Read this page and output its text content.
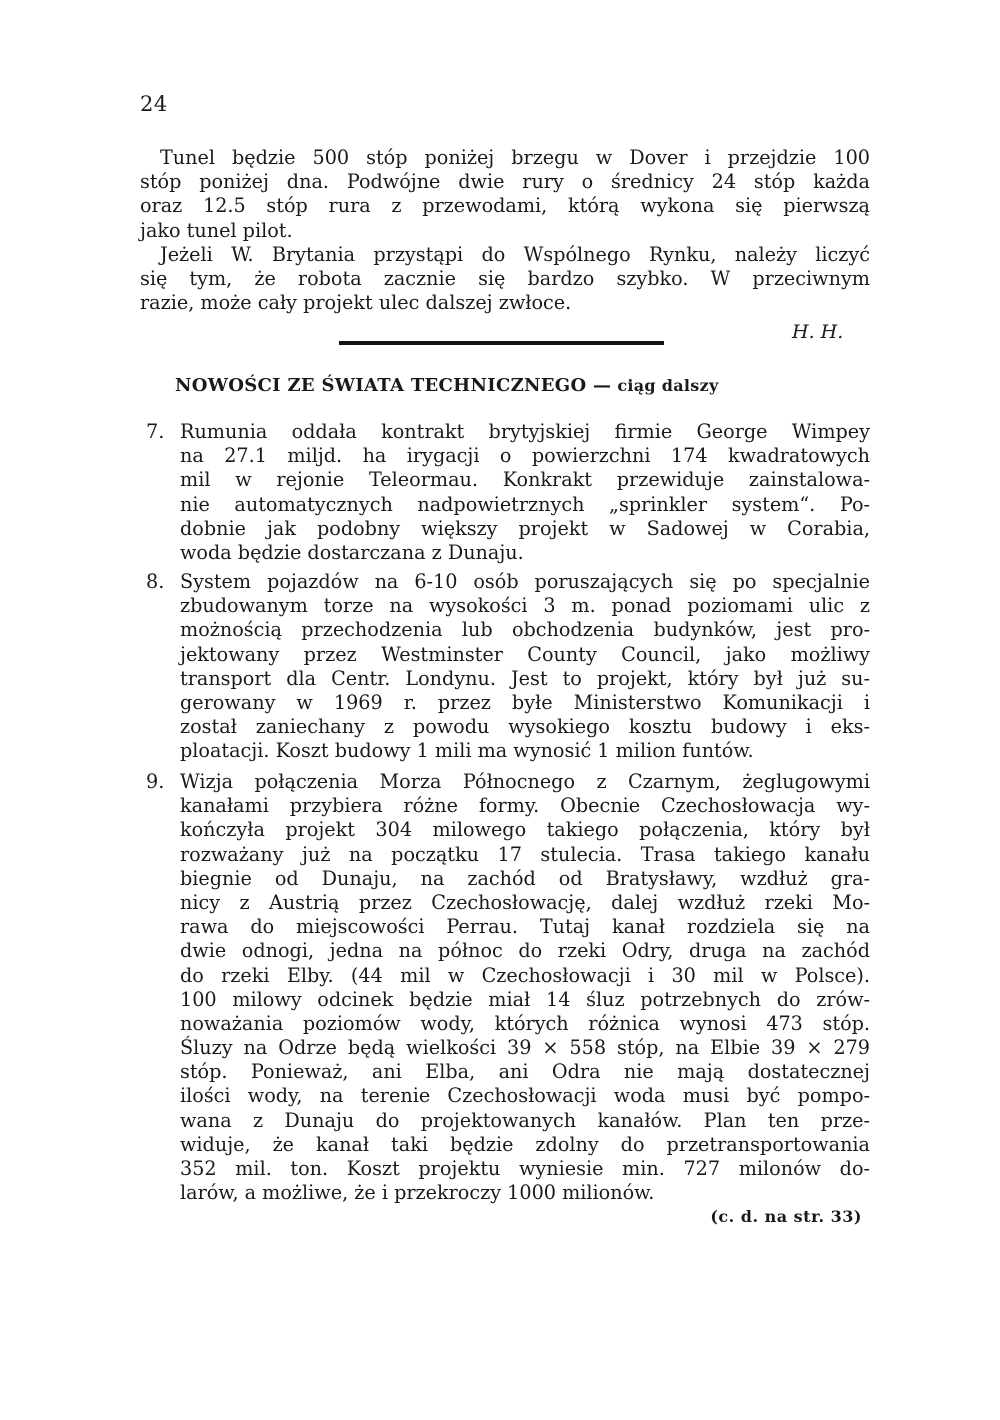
24
Tunel będzie 500 stóp poniżej brzegu w Dover i przejdzie 100
stóp poniżej dna. Podwójne dwie rury o średnicy 24 stóp każda
oraz 12.5 stóp rura z przewodami, którą wykona się pierwszą
jako tunel pilot.
Jeżeli W. Brytania przystąpi do Wspólnego Rynku, należy liczyć
się tym, że robota zacznie się bardzo szybko. W przeciwnym
razie, może cały projekt ulec dalszej zwłoce.
H. H.
NOWOŚCI ZE ŚWIATA TECHNICZNEGO — ciąg dalszy
7. Rumunia oddała kontrakt brytyjskiej firmie George Wimpey
na 27.1 miljd. ha irygacji o powierzchni 174 kwadratowych
mil w rejonie Teleormau. Konkrakt przewiduje zainstalowa-
nie automatycznych nadpowietrznych „sprinkler system“. Po-
dobnie jak podobny większy projekt w Sadowej w Corabia,
woda będzie dostarczana z Dunaju.
8. System pojazdów na 6-10 osób poruszających się po specjalnie
zbudowanym torze na wysokości 3 m. ponad poziomami ulic z
możnością przechodzenia lub obchodzenia budynków, jest pro-
jektowany przez Westminster County Council, jako możliwy
transport dla Centr. Londynu. Jest to projekt, który był już su-
gerowany w 1969 r. przez byłe Ministerstwo Komunikacji i
został zaniechany z powodu wysokiego kosztu budowy i eks-
ploatacji. Koszt budowy 1 mili ma wynosić 1 milion funtów.
9. Wizja połączenia Morza Północnego z Czarnym, żeglugowymi
kanałami przybiera różne formy. Obecnie Czechosłowacja wy-
kończyła projekt 304 milowego takiego połączenia, który był
rozważany już na początku 17 stulecia. Trasa takiego kanału
biegnie od Dunaju, na zachód od Bratysławy, wzdłuż gra-
nicy z Austrią przez Czechosłowację, dalej wzdłuż rzeki Mo-
rawa do miejscowości Perrau. Tutaj kanał rozdziela się na
dwie odnogi, jedna na północ do rzeki Odry, druga na zachód
do rzeki Elby. (44 mil w Czechosłowacji i 30 mil w Polsce).
100 milowy odcinek będzie miał 14 śluz potrzebnych do zrów-
noważania poziomów wody, których różnica wynosi 473 stóp.
Śluzy na Odrze będą wielkości 39 × 558 stóp, na Elbie 39 × 279
stóp. Ponieważ, ani Elba, ani Odra nie mają dostatecznej
ilości wody, na terenie Czechosłowacji woda musi być pompo-
wana z Dunaju do projektowanych kanałów. Plan ten prze-
widuje, że kanał taki będzie zdolny do przetransportowania
352 mil. ton. Koszt projektu wyniesie min. 727 milonów do-
larów, a możliwe, że i przekroczy 1000 milionów.
(c. d. na str. 33)
